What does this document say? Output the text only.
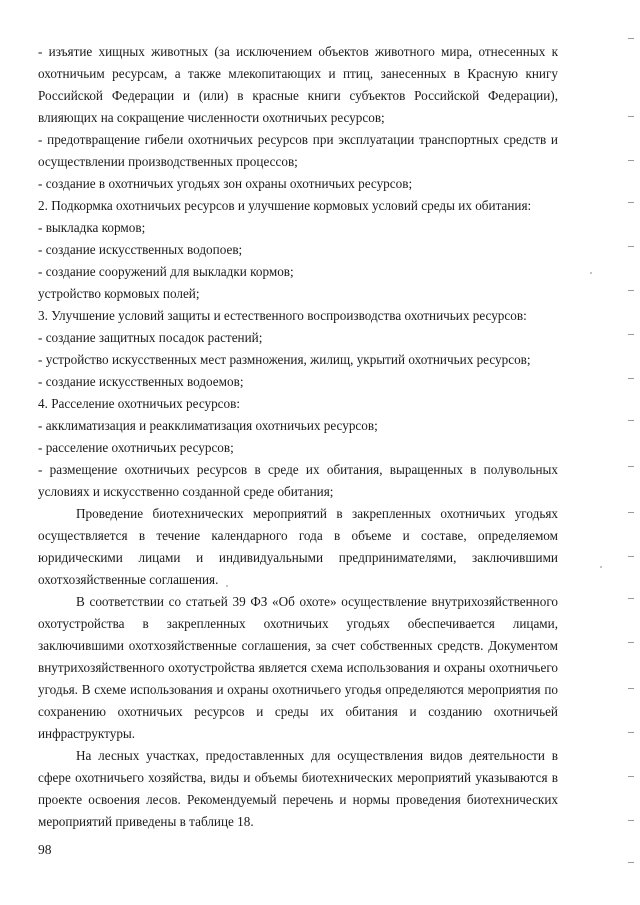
- изъятие хищных животных (за исключением объектов животного мира, отнесенных к охотничьим ресурсам, а также млекопитающих и птиц, занесенных в Красную книгу Российской Федерации и (или) в красные книги субъектов Российской Федерации), влияющих на сокращение численности охотничьих ресурсов;

- предотвращение гибели охотничьих ресурсов при эксплуатации транспортных средств и осуществлении производственных процессов;

- создание в охотничьих угодьях зон охраны охотничьих ресурсов;

2. Подкормка охотничьих ресурсов и улучшение кормовых условий среды их обитания:

- выкладка кормов;

- создание искусственных водопоев;

- создание сооружений для выкладки кормов;

устройство кормовых полей;

3. Улучшение условий защиты и естественного воспроизводства охотничьих ресурсов:

- создание защитных посадок растений;

- устройство искусственных мест размножения, жилищ, укрытий охотничьих ресурсов;

- создание искусственных водоемов;

4. Расселение охотничьих ресурсов:

- акклиматизация и реакклиматизация охотничьих ресурсов;

- расселение охотничьих ресурсов;

- размещение охотничьих ресурсов в среде их обитания, выращенных в полувольных условиях и искусственно созданной среде обитания;

Проведение биотехнических мероприятий в закрепленных охотничьих угодьях осуществляется в течение календарного года в объеме и составе, определяемом юридическими лицами и индивидуальными предпринимателями, заключившими охотхозяйственные соглашения.

В соответствии со статьей 39 ФЗ «Об охоте» осуществление внутрихозяйственного охотустройства в закрепленных охотничьих угодьях обеспечивается лицами, заключившими охотхозяйственные соглашения, за счет собственных средств. Документом внутрихозяйственного охотустройства является схема использования и охраны охотничьего угодья. В схеме использования и охраны охотничьего угодья определяются мероприятия по сохранению охотничьих ресурсов и среды их обитания и созданию охотничьей инфраструктуры.

На лесных участках, предоставленных для осуществления видов деятельности в сфере охотничьего хозяйства, виды и объемы биотехнических мероприятий указываются в проекте освоения лесов. Рекомендуемый перечень и нормы проведения биотехнических мероприятий приведены в таблице 18.

98
